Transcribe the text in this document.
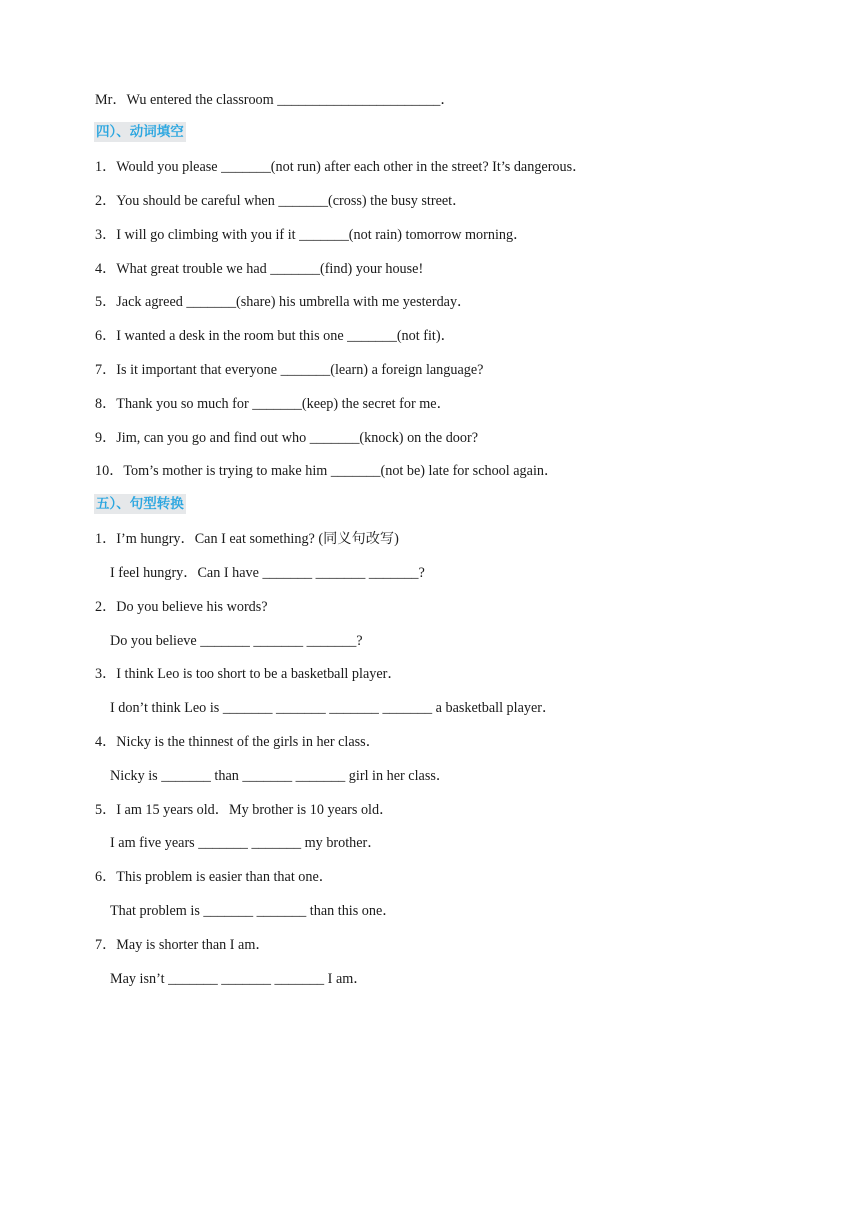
Mr．Wu entered the classroom _______________________．
四）、动词填空
1．Would you please _______(not run) after each other in the street? It’s dangerous．
2．You should be careful when _______(cross) the busy street．
3．I will go climbing with you if it _______(not rain) tomorrow morning．
4．What great trouble we had _______(find) your house!
5．Jack agreed _______(share) his umbrella with me yesterday．
6．I wanted a desk in the room but this one _______(not fit)．
7．Is it important that everyone _______(learn) a foreign language?
8．Thank you so much for _______(keep) the secret for me．
9．Jim, can you go and find out who _______(knock) on the door?
10．Tom’s mother is trying to make him _______(not be) late for school again．
五）、句型转换
1．I’m hungry．Can I eat something? (同义句改写)
I feel hungry．Can I have _______ _______ _______?
2．Do you believe his words?
Do you believe _______ _______ _______?
3．I think Leo is too short to be a basketball player．
I don’t think Leo is _______ _______ _______ _______ a basketball player．
4．Nicky is the thinnest of the girls in her class．
Nicky is _______ than _______ _______ girl in her class．
5．I am 15 years old．My brother is 10 years old．
I am five years _______ _______ my brother．
6．This problem is easier than that one．
That problem is _______ _______ than this one．
7．May is shorter than I am．
May isn’t _______ _______ _______ I am．
